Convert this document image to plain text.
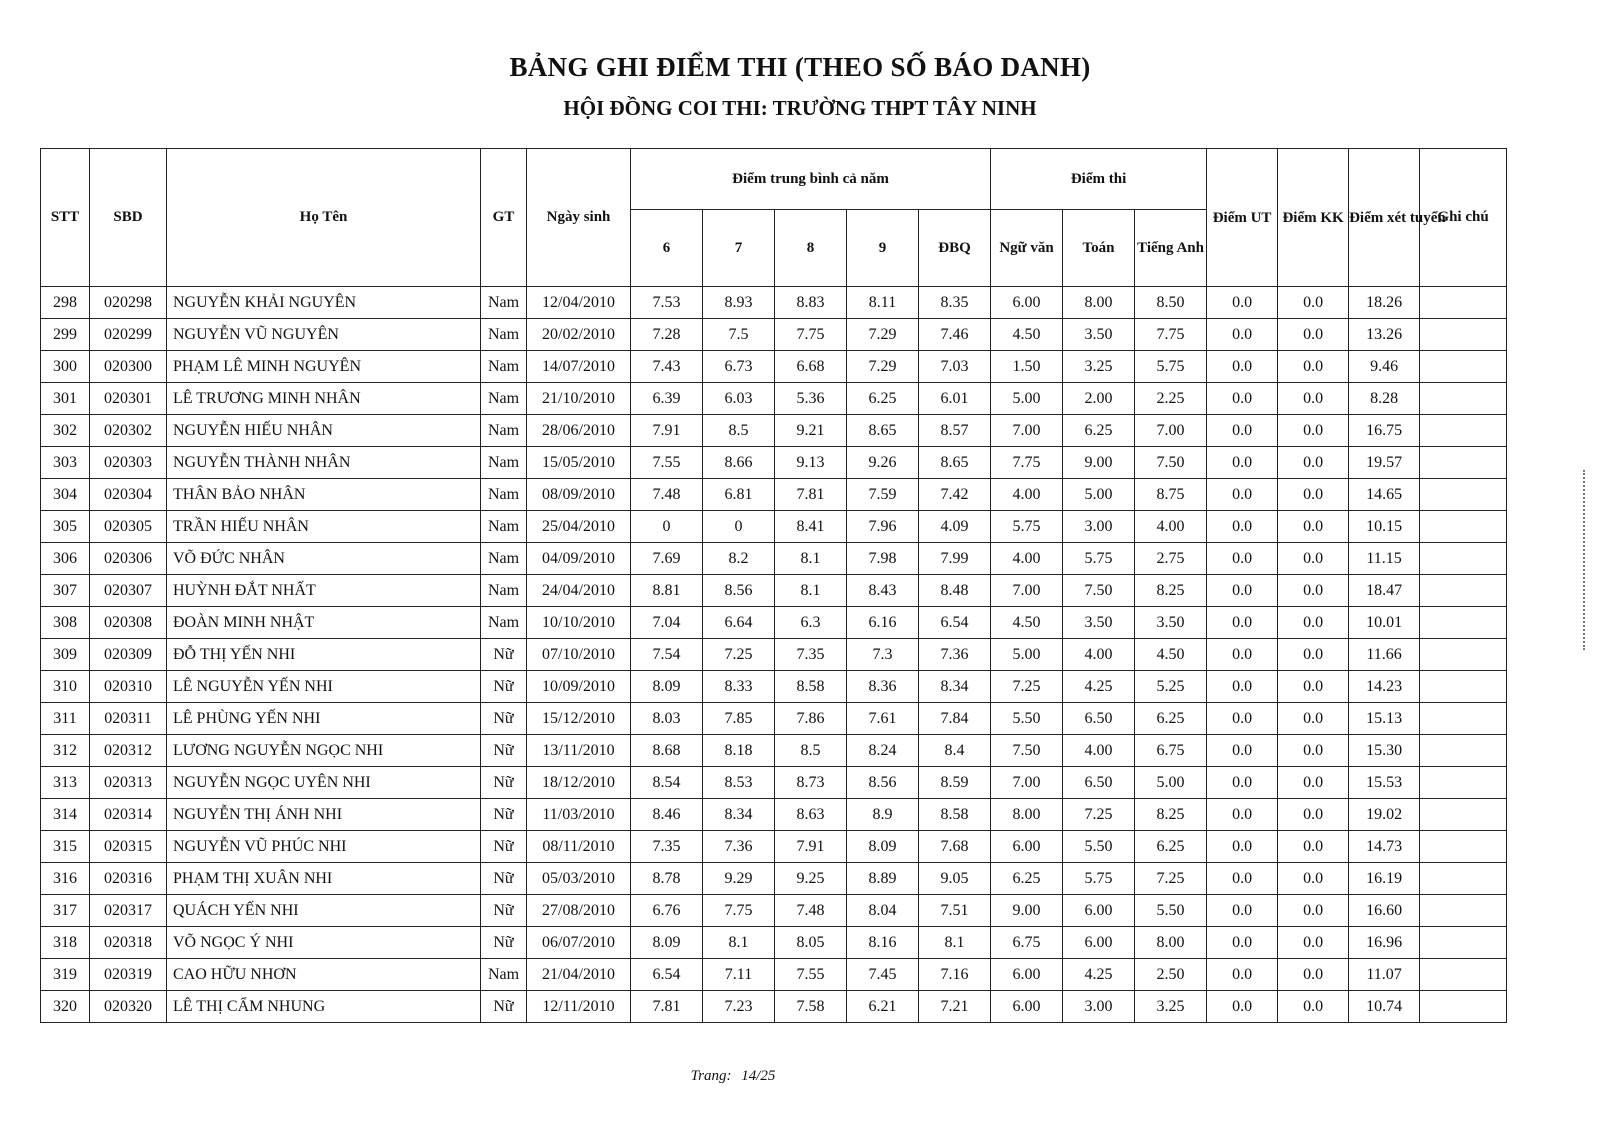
BẢNG GHI ĐIỂM THI (THEO SỐ BÁO DANH)
HỘI ĐỒNG COI THI: TRƯỜNG THPT TÂY NINH
STT	SBD	Họ Tên	GT	Ngày sinh	Điểm trung bình cả năm					Điểm thi			Điểm UT	Điểm KK	Điểm xét tuyển	Ghi chú
					6	7	8	9	ĐBQ	Ngữ văn	Toán	Tiếng Anh				
298	020298	NGUYỄN KHẢI NGUYÊN	Nam	12/04/2010	7.53	8.93	8.83	8.11	8.35	6.00	8.00	8.50	0.0	0.0	18.26	
299	020299	NGUYỄN VŨ NGUYÊN	Nam	20/02/2010	7.28	7.5	7.75	7.29	7.46	4.50	3.50	7.75	0.0	0.0	13.26	
300	020300	PHẠM LÊ MINH NGUYÊN	Nam	14/07/2010	7.43	6.73	6.68	7.29	7.03	1.50	3.25	5.75	0.0	0.0	9.46	
301	020301	LÊ TRƯƠNG MINH NHÂN	Nam	21/10/2010	6.39	6.03	5.36	6.25	6.01	5.00	2.00	2.25	0.0	0.0	8.28	
302	020302	NGUYỄN HIẾU NHÂN	Nam	28/06/2010	7.91	8.5	9.21	8.65	8.57	7.00	6.25	7.00	0.0	0.0	16.75	
303	020303	NGUYỄN THÀNH NHÂN	Nam	15/05/2010	7.55	8.66	9.13	9.26	8.65	7.75	9.00	7.50	0.0	0.0	19.57	
304	020304	THÂN BẢO NHÂN	Nam	08/09/2010	7.48	6.81	7.81	7.59	7.42	4.00	5.00	8.75	0.0	0.0	14.65	
305	020305	TRẦN HIẾU NHÂN	Nam	25/04/2010	0	0	8.41	7.96	4.09	5.75	3.00	4.00	0.0	0.0	10.15	
306	020306	VÕ ĐỨC NHÂN	Nam	04/09/2010	7.69	8.2	8.1	7.98	7.99	4.00	5.75	2.75	0.0	0.0	11.15	
307	020307	HUỲNH ĐẮT NHẤT	Nam	24/04/2010	8.81	8.56	8.1	8.43	8.48	7.00	7.50	8.25	0.0	0.0	18.47	
308	020308	ĐOÀN MINH NHẬT	Nam	10/10/2010	7.04	6.64	6.3	6.16	6.54	4.50	3.50	3.50	0.0	0.0	10.01	
309	020309	ĐỖ THỊ YẾN NHI	Nữ	07/10/2010	7.54	7.25	7.35	7.3	7.36	5.00	4.00	4.50	0.0	0.0	11.66	
310	020310	LÊ NGUYỄN YẾN NHI	Nữ	10/09/2010	8.09	8.33	8.58	8.36	8.34	7.25	4.25	5.25	0.0	0.0	14.23	
311	020311	LÊ PHÙNG YẾN NHI	Nữ	15/12/2010	8.03	7.85	7.86	7.61	7.84	5.50	6.50	6.25	0.0	0.0	15.13	
312	020312	LƯƠNG NGUYỄN NGỌC NHI	Nữ	13/11/2010	8.68	8.18	8.5	8.24	8.4	7.50	4.00	6.75	0.0	0.0	15.30	
313	020313	NGUYỄN NGỌC UYÊN NHI	Nữ	18/12/2010	8.54	8.53	8.73	8.56	8.59	7.00	6.50	5.00	0.0	0.0	15.53	
314	020314	NGUYỄN THỊ ÁNH NHI	Nữ	11/03/2010	8.46	8.34	8.63	8.9	8.58	8.00	7.25	8.25	0.0	0.0	19.02	
315	020315	NGUYỄN VŨ PHÚC NHI	Nữ	08/11/2010	7.35	7.36	7.91	8.09	7.68	6.00	5.50	6.25	0.0	0.0	14.73	
316	020316	PHẠM THỊ XUÂN NHI	Nữ	05/03/2010	8.78	9.29	9.25	8.89	9.05	6.25	5.75	7.25	0.0	0.0	16.19	
317	020317	QUÁCH YẾN NHI	Nữ	27/08/2010	6.76	7.75	7.48	8.04	7.51	9.00	6.00	5.50	0.0	0.0	16.60	
318	020318	VÕ NGỌC Ý NHI	Nữ	06/07/2010	8.09	8.1	8.05	8.16	8.1	6.75	6.00	8.00	0.0	0.0	16.96	
319	020319	CAO HỮU NHƠN	Nam	21/04/2010	6.54	7.11	7.55	7.45	7.16	6.00	4.25	2.50	0.0	0.0	11.07	
320	020320	LÊ THỊ CẨM NHUNG	Nữ	12/11/2010	7.81	7.23	7.58	6.21	7.21	6.00	3.00	3.25	0.0	0.0	10.74	
Trang: 14/25
